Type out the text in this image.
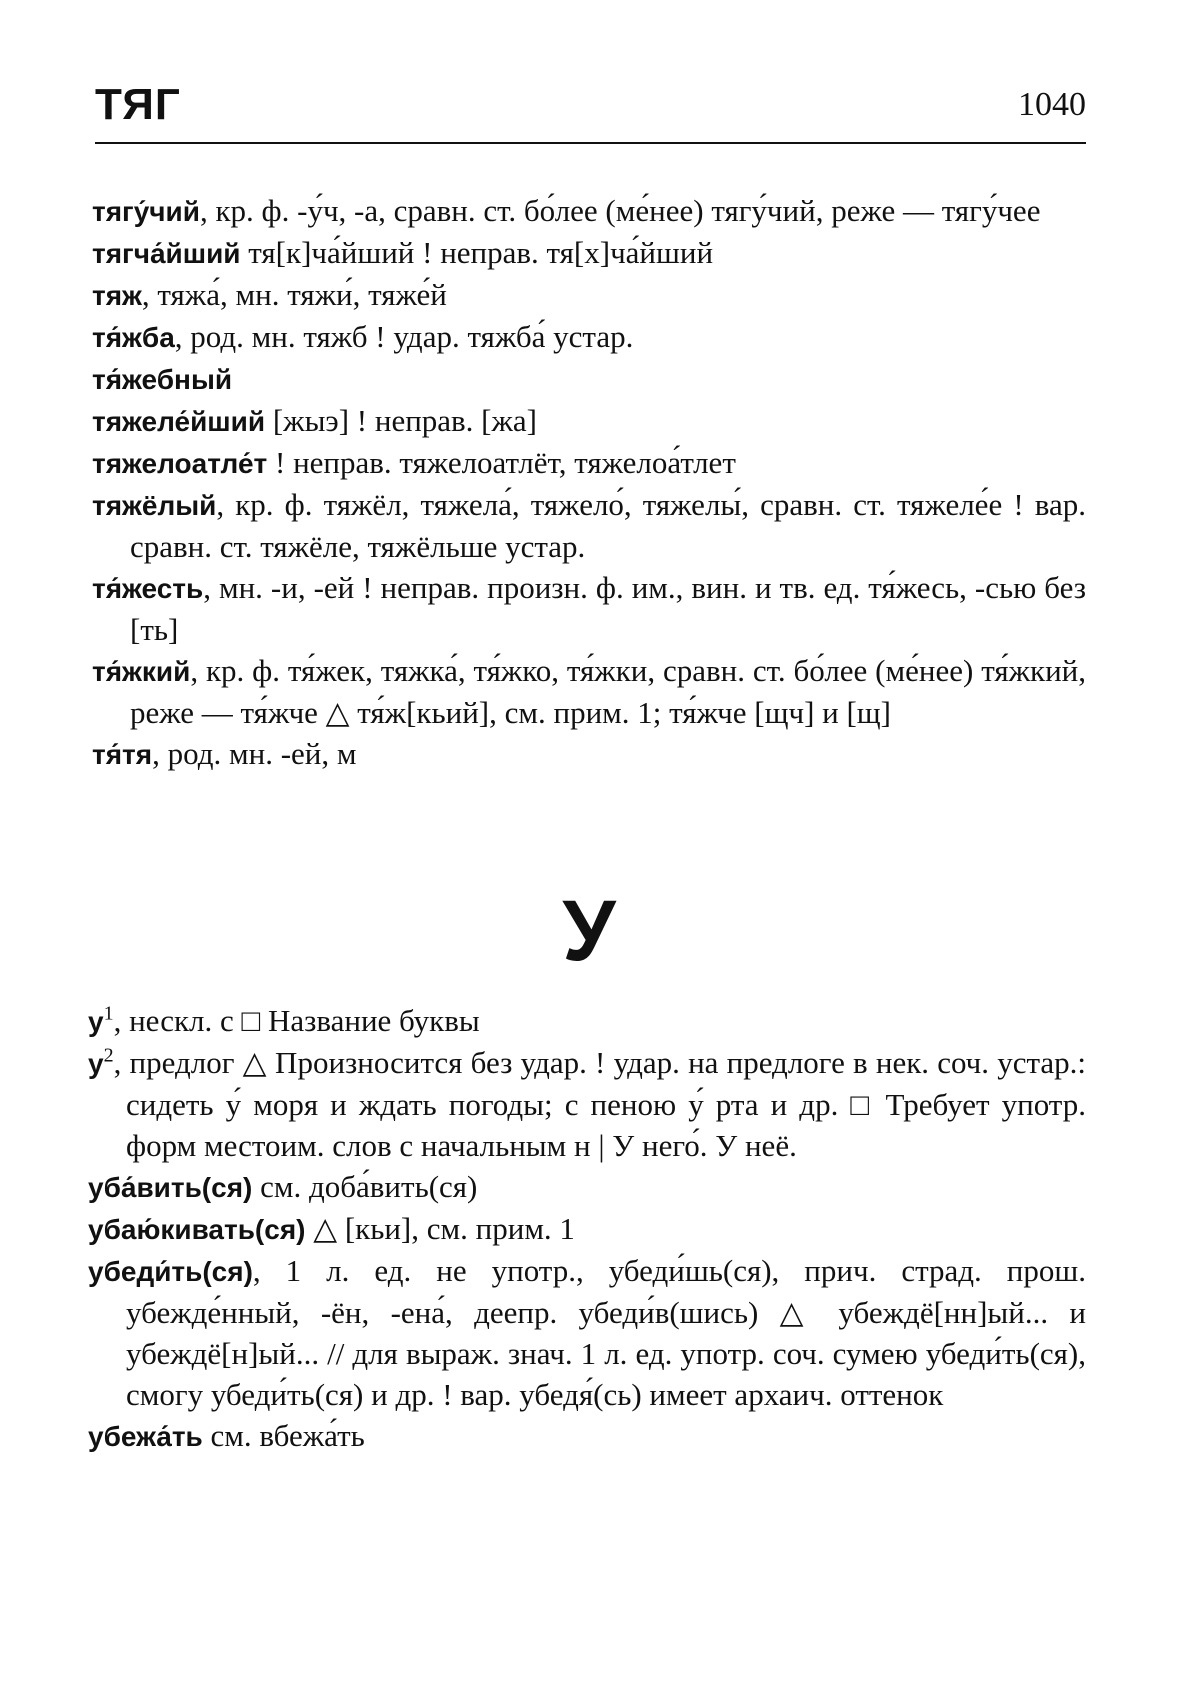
ТЯГ	1040

тягу́чий, кр. ф. -у́ч, -а, сравн. ст. бо́лее (ме́нее) тягу́чий, реже — тягу́чее

тягча́йший тя[к]ча́йший ! неправ. тя[х]ча́йший

тяж, тяжа́, мн. тяжи́, тяже́й

тя́жба, род. мн. тяжб ! удар. тяжба́ устар.

тя́жебный

тяжеле́йший [жыэ] ! неправ. [жа]

тяжелоатле́т ! неправ. тяжелоатлёт, тяжелоа́тлет

тяжёлый, кр. ф. тяжёл, тяжела́, тяжело́, тяжелы́, сравн. ст. тяжеле́е ! вар. сравн. ст. тяжёле, тяжёльше устар.

тя́жесть, мн. -и, -ей ! неправ. произн. ф. им., вин. и тв. ед. тя́жесь, -сью без [ть]

тя́жкий, кр. ф. тя́жек, тяжка́, тя́жко, тя́жки, сравн. ст. бо́лее (ме́нее) тя́жкий, реже — тя́жче △ тя́ж[кьий], см. прим. 1; тя́жче [щч] и [щ]

тя́тя, род. мн. -ей, м

У

$у^1$, нескл. с □ Название буквы

$у^2$, предлог △ Произносится без удар. ! удар. на предлоге в нек. соч. устар.: сидеть у́ моря и ждать погоды; с пеною у́ рта и др. □ Требует употр. форм местоим. слов с начальным н | У него́. У неё.

уба́вить(ся) см. доба́вить(ся)

убаю́кивать(ся) △ [кьи], см. прим. 1

убеди́ть(ся), 1 л. ед. не употр., убеди́шь(ся), прич. страд. прош. убежде́нный, -ён, -ена́, деепр. убеди́в(шись) △ убеждё[нн]ый... и убеждё[н]ый... // для выраж. знач. 1 л. ед. употр. соч. сумею убеди́ть(ся), смогу убеди́ть(ся) и др. ! вар. убедя́(сь) имеет архаич. оттенок

убежа́ть см. вбежа́ть
